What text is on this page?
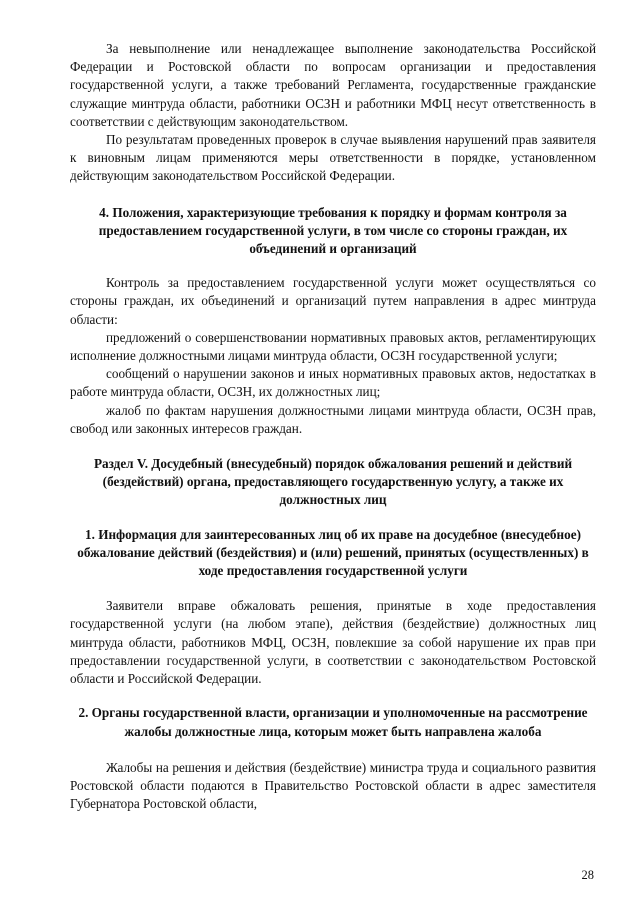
За невыполнение или ненадлежащее выполнение законодательства Российской Федерации и Ростовской области по вопросам организации и предоставления государственной услуги, а также требований Регламента, государственные гражданские служащие минтруда области, работники ОСЗН и работники МФЦ несут ответственность в соответствии с действующим законодательством.

По результатам проведенных проверок в случае выявления нарушений прав заявителя к виновным лицам применяются меры ответственности в порядке, установленном действующим законодательством Российской Федерации.

4. Положения, характеризующие требования к порядку и формам контроля за предоставлением государственной услуги, в том числе со стороны граждан, их объединений и организаций

Контроль за предоставлением государственной услуги может осуществляться со стороны граждан, их объединений и организаций путем направления в адрес минтруда области:

предложений о совершенствовании нормативных правовых актов, регламентирующих исполнение должностными лицами минтруда области, ОСЗН государственной услуги;

сообщений о нарушении законов и иных нормативных правовых актов, недостатках в работе минтруда области, ОСЗН, их должностных лиц;

жалоб по фактам нарушения должностными лицами минтруда области, ОСЗН прав, свобод или законных интересов граждан.

Раздел V. Досудебный (внесудебный) порядок обжалования решений и действий (бездействий) органа, предоставляющего государственную услугу, а также их должностных лиц

1. Информация для заинтересованных лиц об их праве на досудебное (внесудебное) обжалование действий (бездействия) и (или) решений, принятых (осуществленных) в ходе предоставления государственной услуги

Заявители вправе обжаловать решения, принятые в ходе предоставления государственной услуги (на любом этапе), действия (бездействие) должностных лиц минтруда области, работников МФЦ, ОСЗН, повлекшие за собой нарушение их прав при предоставлении государственной услуги, в соответствии с законодательством Ростовской области и Российской Федерации.

2. Органы государственной власти, организации и уполномоченные на рассмотрение жалобы должностные лица, которым может быть направлена жалоба

Жалобы на решения и действия (бездействие) министра труда и социального развития Ростовской области подаются в Правительство Ростовской области в адрес заместителя Губернатора Ростовской области,

28
